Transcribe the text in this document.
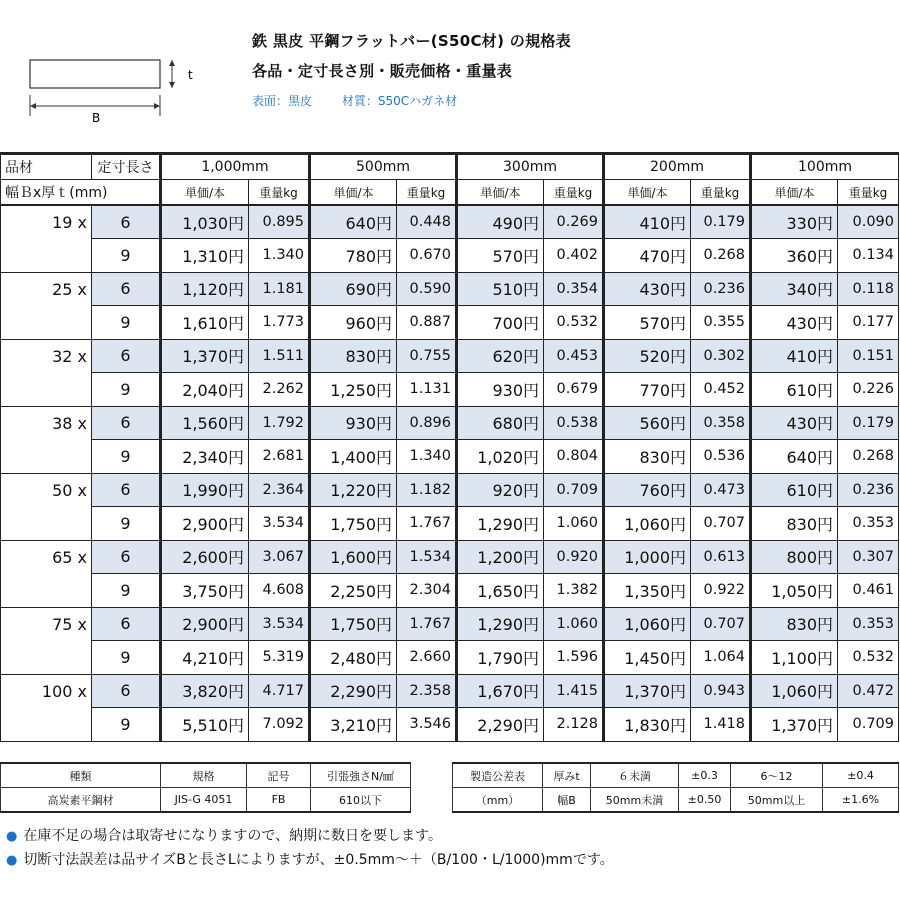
t
B
鉄 黒皮 平鋼フラットバー(S50C材) の規格表
各品・定寸長さ別・販売価格・重量表
表面：黒皮 材質：S50Cハガネ材
品材	定寸長さ	1,000mm		500mm		300mm		200mm		100mm	
幅Ｂx厚ｔ(mm)		単価/本	重量kg	単価/本	重量kg	単価/本	重量kg	単価/本	重量kg	単価/本	重量kg
19 x	6	1,030円	0.895	640円	0.448	490円	0.269	410円	0.179	330円	0.090
	9	1,310円	1.340	780円	0.670	570円	0.402	470円	0.268	360円	0.134
25 x	6	1,120円	1.181	690円	0.590	510円	0.354	430円	0.236	340円	0.118
	9	1,610円	1.773	960円	0.887	700円	0.532	570円	0.355	430円	0.177
32 x	6	1,370円	1.511	830円	0.755	620円	0.453	520円	0.302	410円	0.151
	9	2,040円	2.262	1,250円	1.131	930円	0.679	770円	0.452	610円	0.226
38 x	6	1,560円	1.792	930円	0.896	680円	0.538	560円	0.358	430円	0.179
	9	2,340円	2.681	1,400円	1.340	1,020円	0.804	830円	0.536	640円	0.268
50 x	6	1,990円	2.364	1,220円	1.182	920円	0.709	760円	0.473	610円	0.236
	9	2,900円	3.534	1,750円	1.767	1,290円	1.060	1,060円	0.707	830円	0.353
65 x	6	2,600円	3.067	1,600円	1.534	1,200円	0.920	1,000円	0.613	800円	0.307
	9	3,750円	4.608	2,250円	2.304	1,650円	1.382	1,350円	0.922	1,050円	0.461
75 x	6	2,900円	3.534	1,750円	1.767	1,290円	1.060	1,060円	0.707	830円	0.353
	9	4,210円	5.319	2,480円	2.660	1,790円	1.596	1,450円	1.064	1,100円	0.532
100 x	6	3,820円	4.717	2,290円	2.358	1,670円	1.415	1,370円	0.943	1,060円	0.472
	9	5,510円	7.092	3,210円	3.546	2,290円	2.128	1,830円	1.418	1,370円	0.709
種類	規格	記号	引張強さN/㎟
高炭素平鋼材	JIS-G 4051	FB	610以下
製造公差表	厚みt	６未満	±0.3	6〜12	±0.4
（mm）	幅B	50mm未満	±0.50	50mm以上	±1.6%
● 在庫不足の場合は取寄せになりますので、納期に数日を要します。
● 切断寸法誤差は品サイズBと長さLによりますが、±0.5mm〜＋（B/100・L/1000)mmです。
